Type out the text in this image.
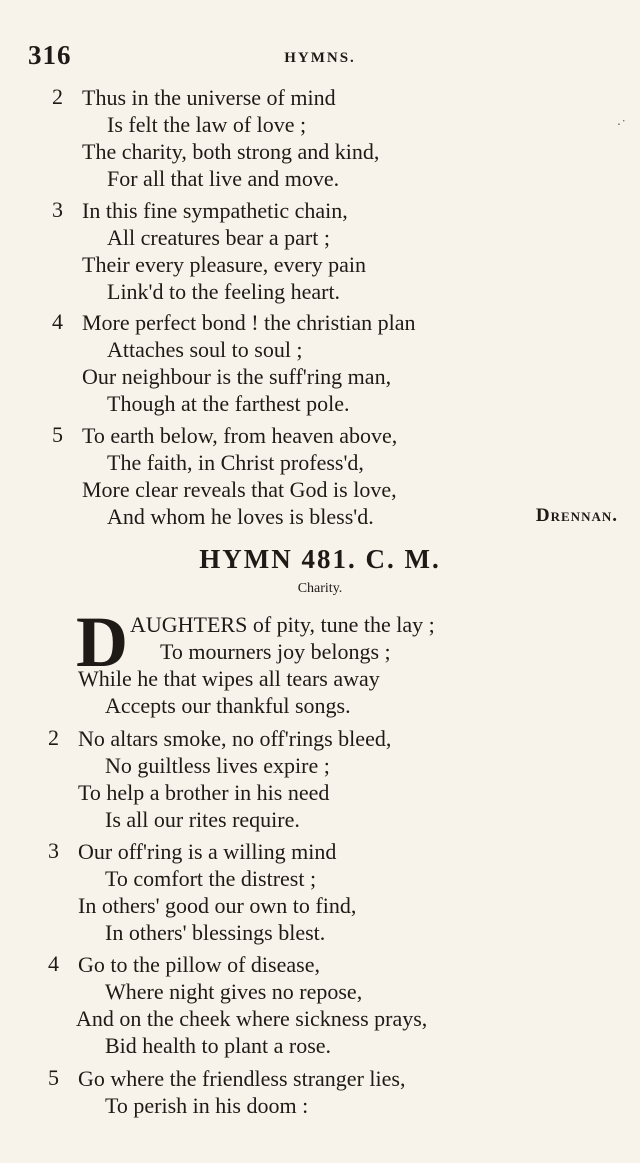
316	HYMNS.
·˙
2 Thus in the universe of mind
Is felt the law of love ;
The charity, both strong and kind,
For all that live and move.
3 In this fine sympathetic chain,
All creatures bear a part ;
Their every pleasure, every pain
Link'd to the feeling heart.
4 More perfect bond ! the christian plan
Attaches soul to soul ;
Our neighbour is the suff'ring man,
Though at the farthest pole.
5 To earth below, from heaven above,
The faith, in Christ profess'd,
More clear reveals that God is love,
And whom he loves is bless'd.	Drennan.
HYMN 481. C. M.
Charity.
D AUGHTERS of pity, tune the lay ;
To mourners joy belongs ;
While he that wipes all tears away
Accepts our thankful songs.
2 No altars smoke, no off'rings bleed,
No guiltless lives expire ;
To help a brother in his need
Is all our rites require.
3 Our off'ring is a willing mind
To comfort the distrest ;
In others' good our own to find,
In others' blessings blest.
4 Go to the pillow of disease,
Where night gives no repose,
And on the cheek where sickness prays,
Bid health to plant a rose.
5 Go where the friendless stranger lies,
To perish in his doom :
